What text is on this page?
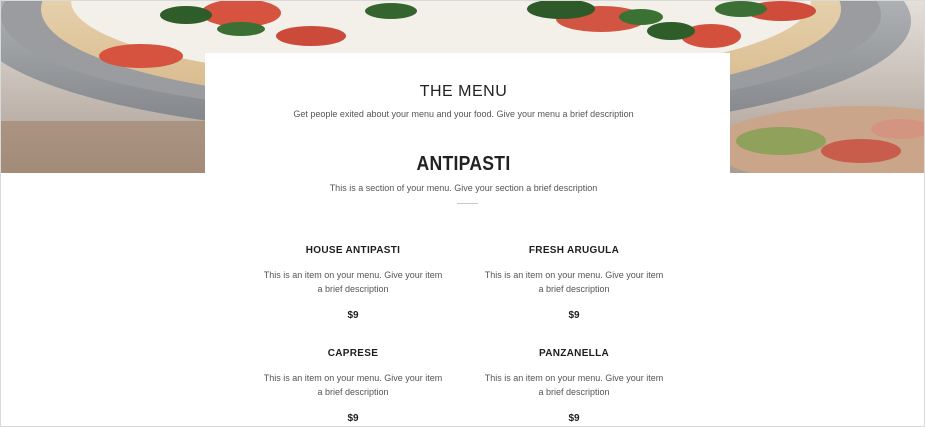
THE MENU
Get people exited about your menu and your food. Give your menu a brief description
ANTIPASTI
This is a section of your menu. Give your section a brief description
HOUSE ANTIPASTI
This is an item on your menu. Give your item a brief description
$9
FRESH ARUGULA
This is an item on your menu. Give your item a brief description
$9
CAPRESE
This is an item on your menu. Give your item a brief description
$9
PANZANELLA
This is an item on your menu. Give your item a brief description
$9
